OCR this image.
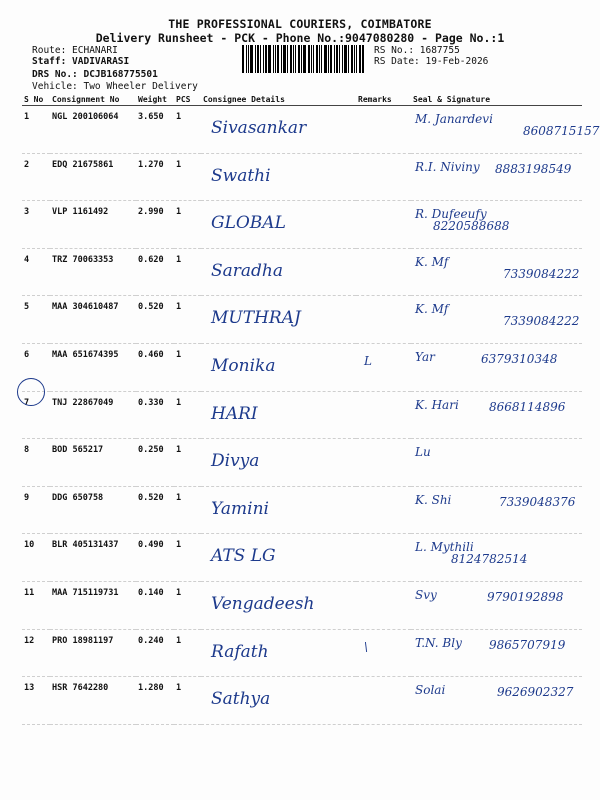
THE PROFESSIONAL COURIERS, COIMBATORE
Delivery Runsheet - PCK - Phone No.:9047080280 - Page No.:1
Route: ECHANARI
Staff: VADIVARASI
DRS No.: DCJB168775501
Vehicle: Two Wheeler Delivery
RS No.: 1687755
RS Date: 19-Feb-2026
S No	Consignment No	Weight	PCS	Consignee Details	Remarks	Seal & Signature
1	NGL 200106064	3.650	1	Sivasankar		M. Janardevi
8608715157

2	EDQ 21675861	1.270	1	Swathi		R.I. Niviny 8883198549

3	VLP 1161492	2.990	1	GLOBAL		R. Dufeeufy
8220588688

4	TRZ 70063353	0.620	1	Saradha		K. Mf
7339084222

5	MAA 304610487	0.520	1	MUTHRAJ		K. Mf
7339084222

6	MAA 651674395	0.460	1	Monika	L	Yar 6379310348

7	TNJ 22867049	0.330	1	HARI		K. Hari 8668114896

8	BOD 565217	0.250	1	Divya		Lu

9	DDG 650758	0.520	1	Yamini		K. Shi 7339048376

10	BLR 405131437	0.490	1	ATS LG		L. Mythili
8124782514

11	MAA 715119731	0.140	1	Vengadeesh		Svy 9790192898

12	PRO 18981197	0.240	1	Rafath	\	T.N. Bly 9865707919

13	HSR 7642280	1.280	1	Sathya		Solai 9626902327
